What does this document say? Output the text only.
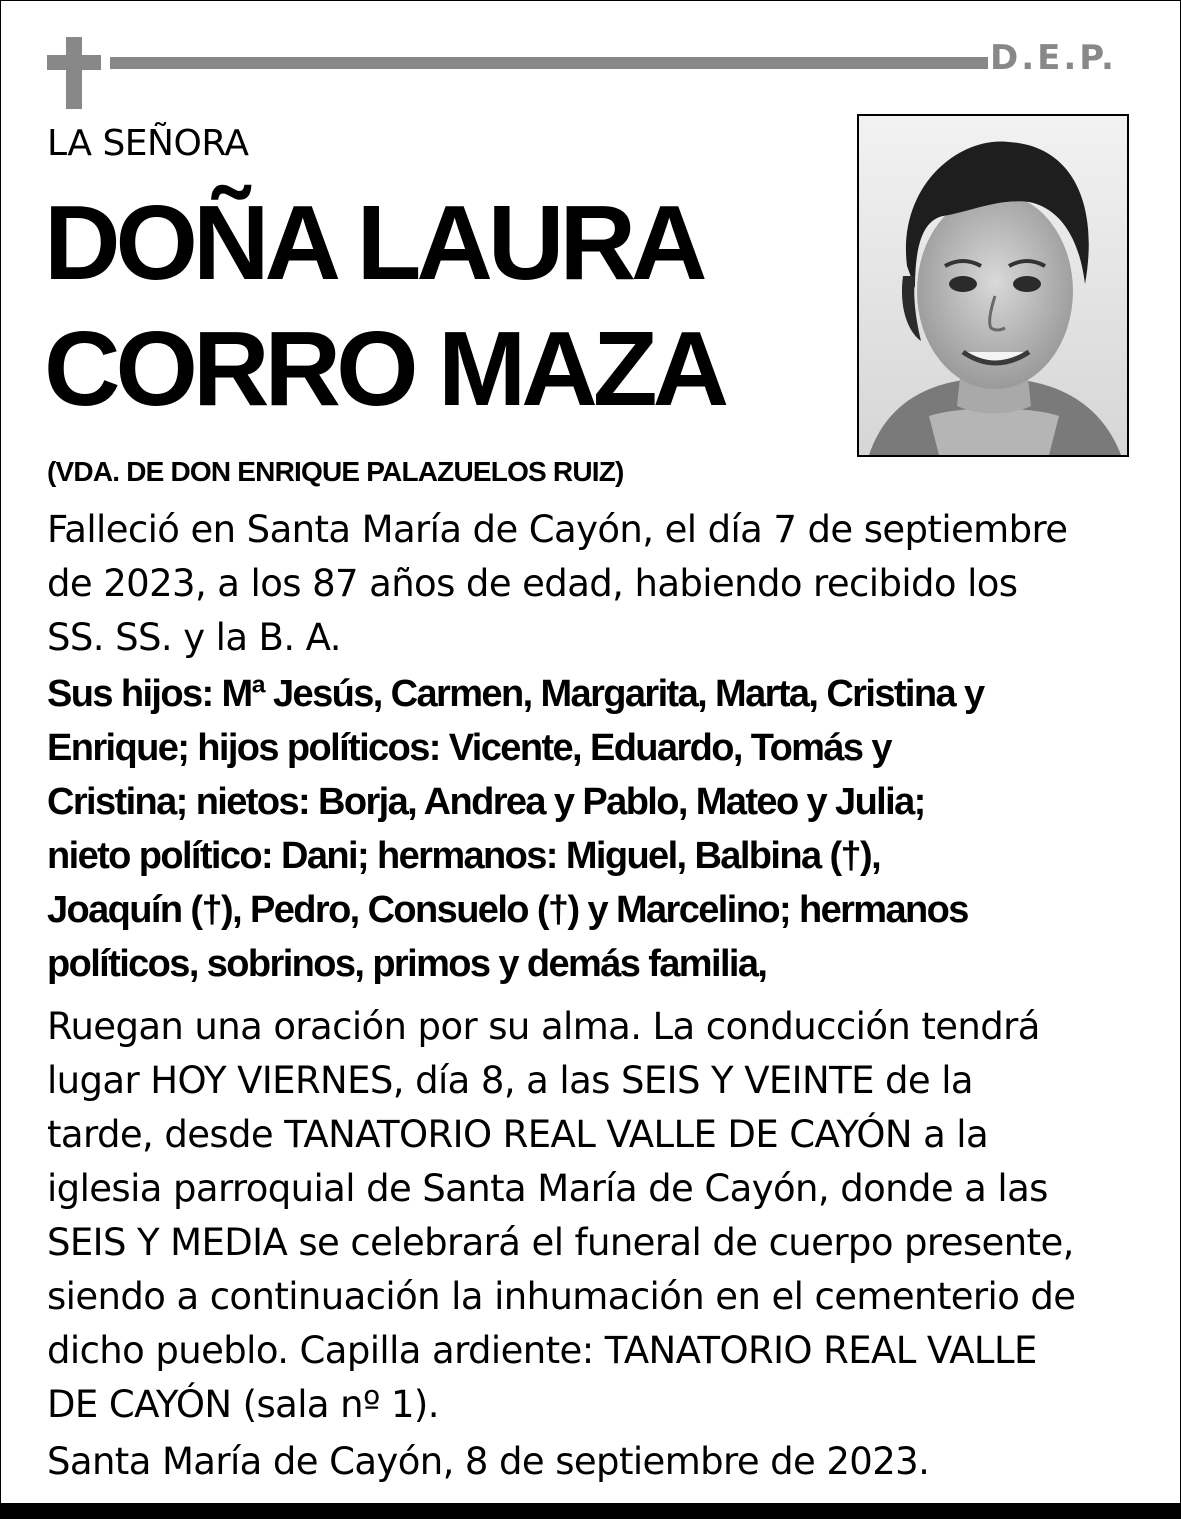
D.E.P.
LA SEÑORA
DOÑA LAURA
CORRO MAZA
(VDA. DE DON ENRIQUE PALAZUELOS RUIZ)
Falleció en Santa María de Cayón, el día 7 de septiembre
de 2023, a los 87 años de edad, habiendo recibido los
SS. SS. y la B. A.
Sus hijos: Mª Jesús, Carmen, Margarita, Marta, Cristina y
Enrique; hijos políticos: Vicente, Eduardo, Tomás y
Cristina; nietos: Borja, Andrea y Pablo, Mateo y Julia;
nieto político: Dani; hermanos: Miguel, Balbina (†),
Joaquín (†), Pedro, Consuelo (†) y Marcelino; hermanos
políticos, sobrinos, primos y demás familia,
Ruegan una oración por su alma. La conducción tendrá
lugar HOY VIERNES, día 8, a las SEIS Y VEINTE de la
tarde, desde TANATORIO REAL VALLE DE CAYÓN a la
iglesia parroquial de Santa María de Cayón, donde a las
SEIS Y MEDIA se celebrará el funeral de cuerpo presente,
siendo a continuación la inhumación en el cementerio de
dicho pueblo. Capilla ardiente: TANATORIO REAL VALLE
DE CAYÓN (sala nº 1).
Santa María de Cayón, 8 de septiembre de 2023.
